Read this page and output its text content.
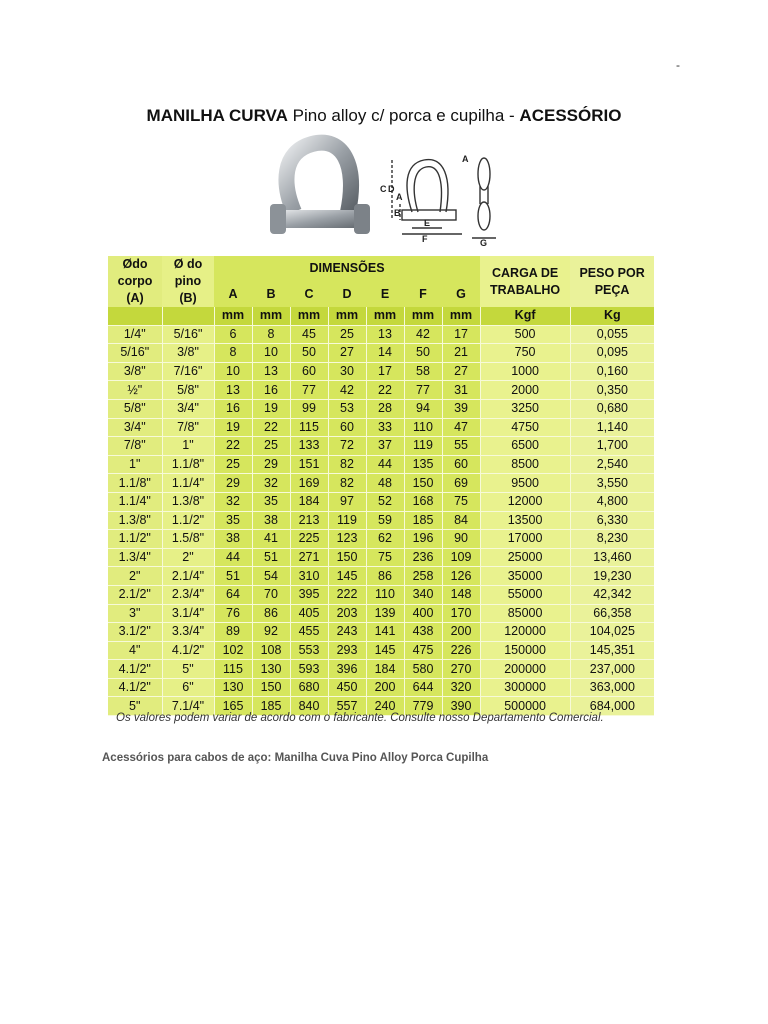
-
MANILHA CURVA Pino alloy c/ porca e cupilha - ACESSÓRIO
C D
A
B
E
F
A
G
Ødo
corpo
(A)	Ø do
pino
(B)	DIMENSÕES							CARGA DE
TRABALHO	PESO POR
PEÇA
		A	B	C	D	E	F	G		
		mm	mm	mm	mm	mm	mm	mm	Kgf	Kg
1/4"	5/16"	6	8	45	25	13	42	17	500	0,055
5/16"	3/8"	8	10	50	27	14	50	21	750	0,095
3/8"	7/16"	10	13	60	30	17	58	27	1000	0,160
½"	5/8"	13	16	77	42	22	77	31	2000	0,350
5/8"	3/4"	16	19	99	53	28	94	39	3250	0,680
3/4"	7/8"	19	22	115	60	33	110	47	4750	1,140
7/8"	1"	22	25	133	72	37	119	55	6500	1,700
1"	1.1/8"	25	29	151	82	44	135	60	8500	2,540
1.1/8"	1.1/4"	29	32	169	82	48	150	69	9500	3,550
1.1/4"	1.3/8"	32	35	184	97	52	168	75	12000	4,800
1.3/8"	1.1/2"	35	38	213	119	59	185	84	13500	6,330
1.1/2"	1.5/8"	38	41	225	123	62	196	90	17000	8,230
1.3/4"	2"	44	51	271	150	75	236	109	25000	13,460
2"	2.1/4"	51	54	310	145	86	258	126	35000	19,230
2.1/2"	2.3/4"	64	70	395	222	110	340	148	55000	42,342
3"	3.1/4"	76	86	405	203	139	400	170	85000	66,358
3.1/2"	3.3/4"	89	92	455	243	141	438	200	120000	104,025
4"	4.1/2"	102	108	553	293	145	475	226	150000	145,351
4.1/2"	5"	115	130	593	396	184	580	270	200000	237,000
4.1/2"	6"	130	150	680	450	200	644	320	300000	363,000
5"	7.1/4"	165	185	840	557	240	779	390	500000	684,000
Os valores podem variar de acordo com o fabricante. Consulte nosso Departamento Comercial.
Acessórios para cabos de aço: Manilha Cuva Pino Alloy Porca Cupilha
